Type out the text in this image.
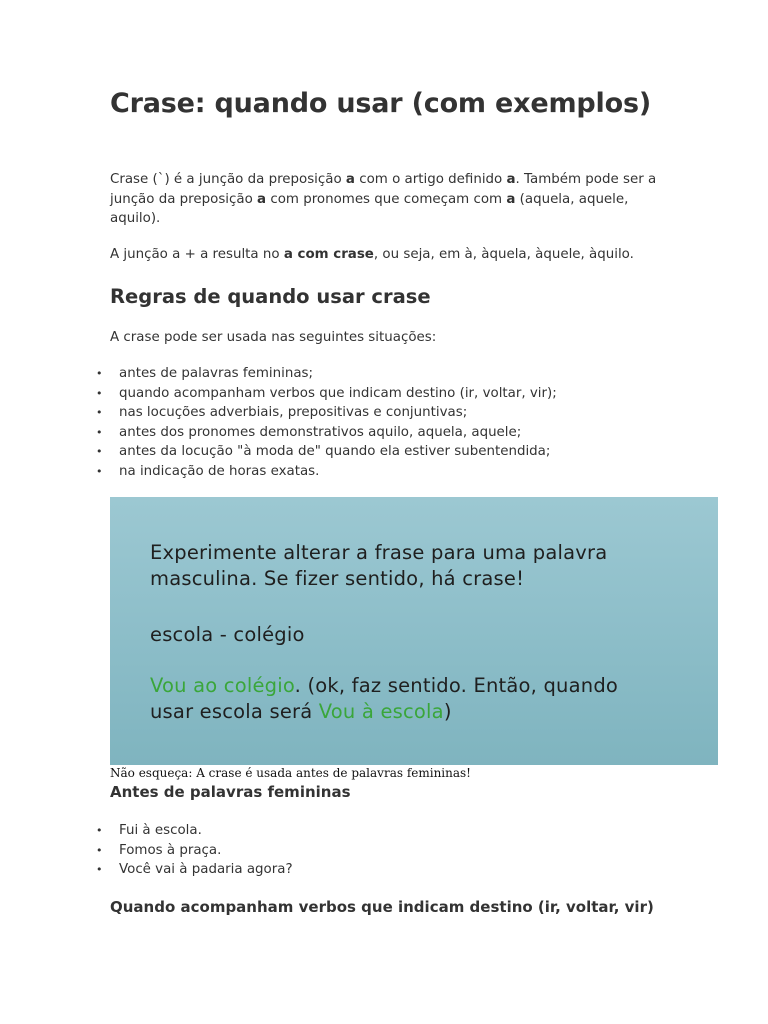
Crase: quando usar (com exemplos)

Crase (`) é a junção da preposição a com o artigo definido a. Também pode ser a junção da preposição a com pronomes que começam com a (aquela, aquele, aquilo).

A junção a + a resulta no a com crase, ou seja, em à, àquela, àquele, àquilo.

Regras de quando usar crase

A crase pode ser usada nas seguintes situações:

• antes de palavras femininas;
• quando acompanham verbos que indicam destino (ir, voltar, vir);
• nas locuções adverbiais, prepositivas e conjuntivas;
• antes dos pronomes demonstrativos aquilo, aquela, aquele;
• antes da locução "à moda de" quando ela estiver subentendida;
• na indicação de horas exatas.

Experimente alterar a frase para uma palavra

masculina. Se fizer sentido, há crase!

escola - colégio

Vou ao colégio. (ok, faz sentido. Então, quando

usar escola será Vou à escola)

Não esqueça: A crase é usada antes de palavras femininas!

Antes de palavras femininas
• Fui à escola.
• Fomos à praça.
• Você vai à padaria agora?
Quando acompanham verbos que indicam destino (ir, voltar, vir)
